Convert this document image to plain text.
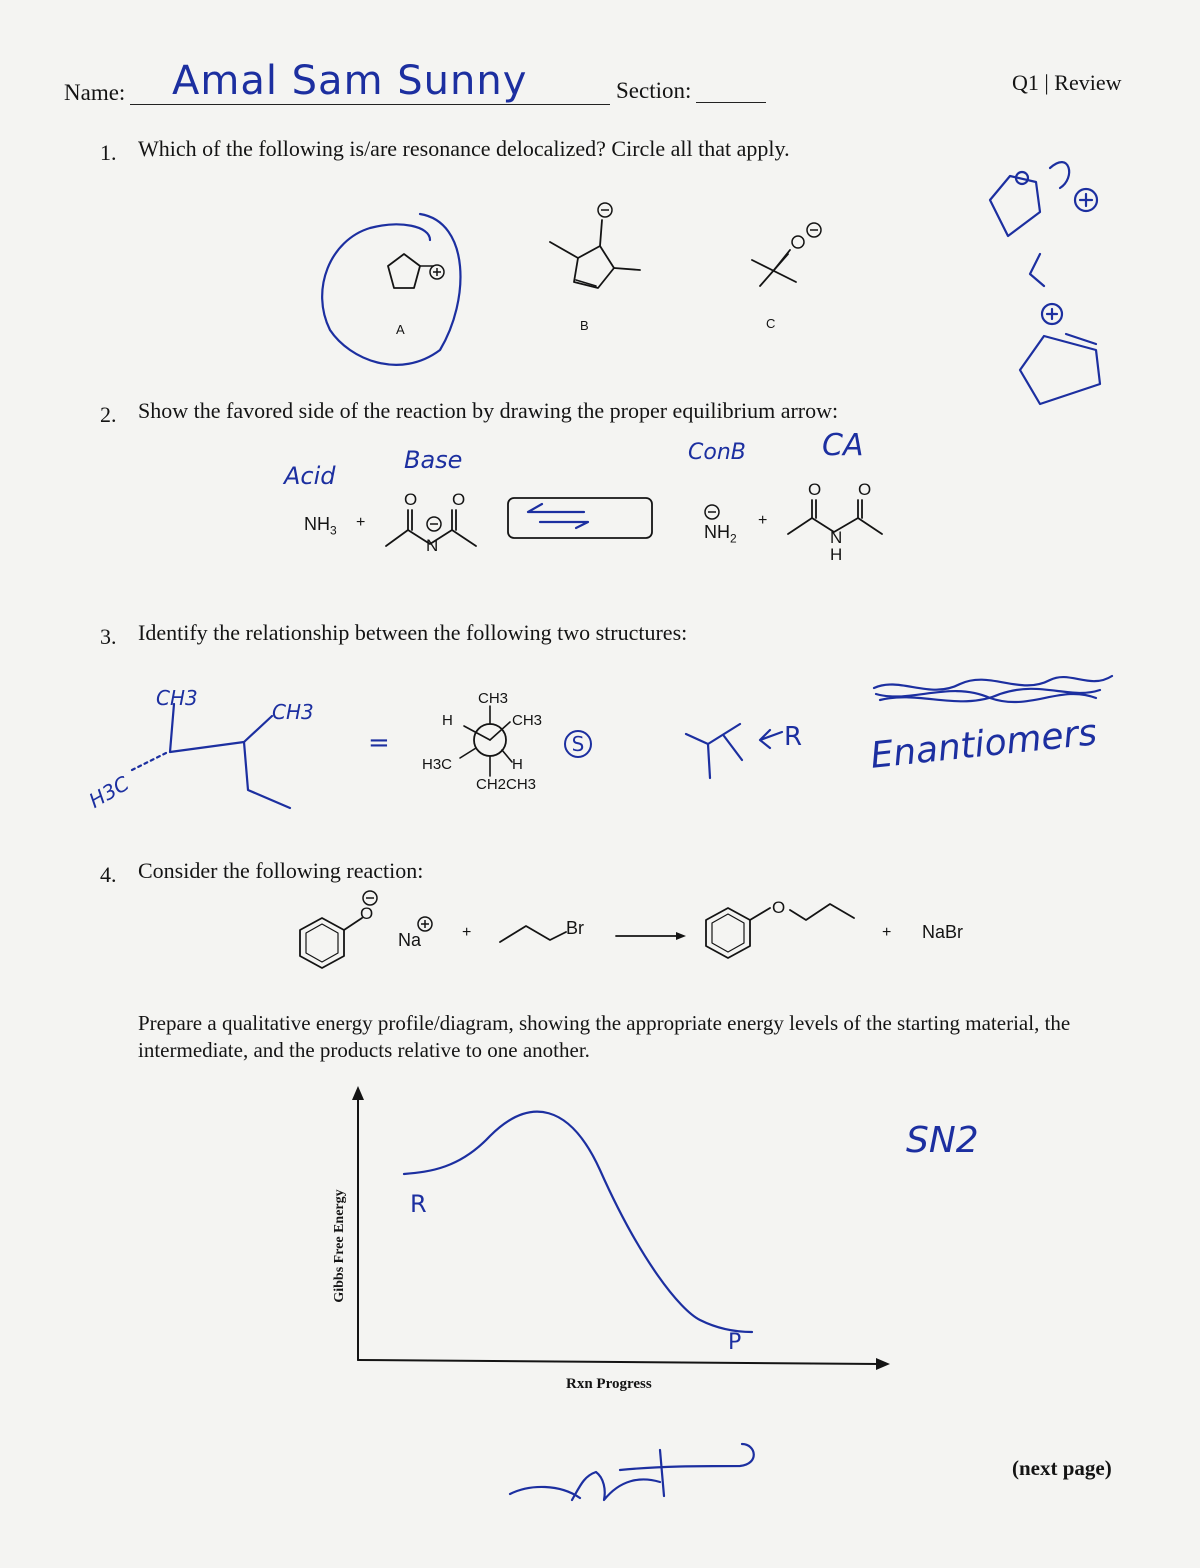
Name: Amal Sam Sunny	Section:	Q1 | Review
1. Which of the following is/are resonance delocalized? Circle all that apply.
A	B	C
2. Show the favored side of the reaction by drawing the proper equilibrium arrow:
$NH_3$ +	$NH_2$
+
N
O O
O O
N
H
Acid
Base	ConB	CA
3. Identify the relationship between the following two structures:
CH3
CH3
H
H3C	H
CH2CH3
CH3
CH3
H3C
=	S	R Enantiomers
4. Consider the following reaction:
O
Na	+	Br
O
+ NaBr
Prepare a qualitative energy profile/diagram, showing the appropriate energy levels of the starting material, the intermediate, and the products relative to one another.
Gibbs Free Energy
Rxn Progress
R
P
SN2
(next page)
